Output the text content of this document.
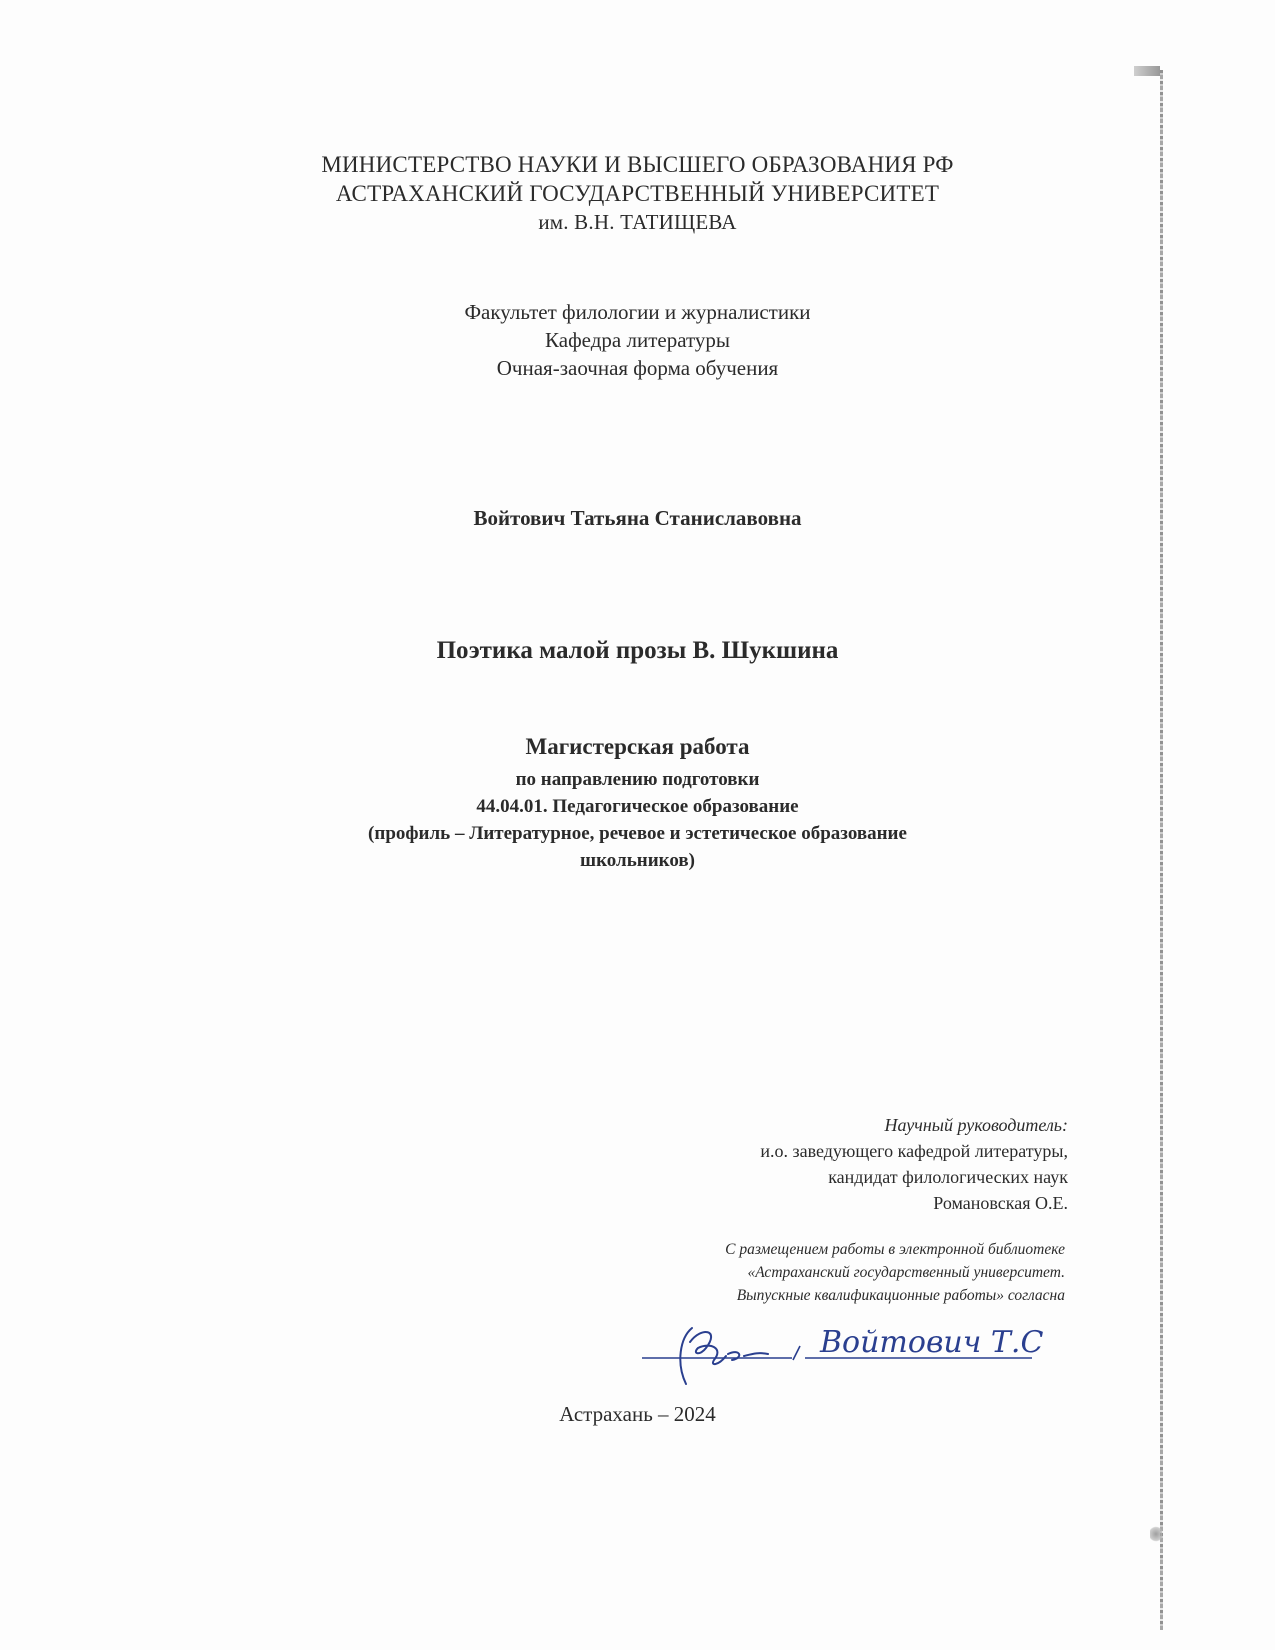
МИНИСТЕРСТВО НАУКИ И ВЫСШЕГО ОБРАЗОВАНИЯ РФ
АСТРАХАНСКИЙ ГОСУДАРСТВЕННЫЙ УНИВЕРСИТЕТ
им. В.Н. ТАТИЩЕВА
Факультет филологии и журналистики
Кафедра литературы
Очная-заочная форма обучения
Войтович Татьяна Станиславовна
Поэтика малой прозы В. Шукшина
Магистерская работа
по направлению подготовки
44.04.01. Педагогическое образование
(профиль – Литературное, речевое и эстетическое образование
школьников)
Научный руководитель:
и.о. заведующего кафедрой литературы,
кандидат филологических наук
Романовская О.Е.
С размещением работы в электронной библиотеке
«Астраханский государственный университет.
Выпускные квалификационные работы» согласна
Войтович Т.С
Астрахань – 2024
